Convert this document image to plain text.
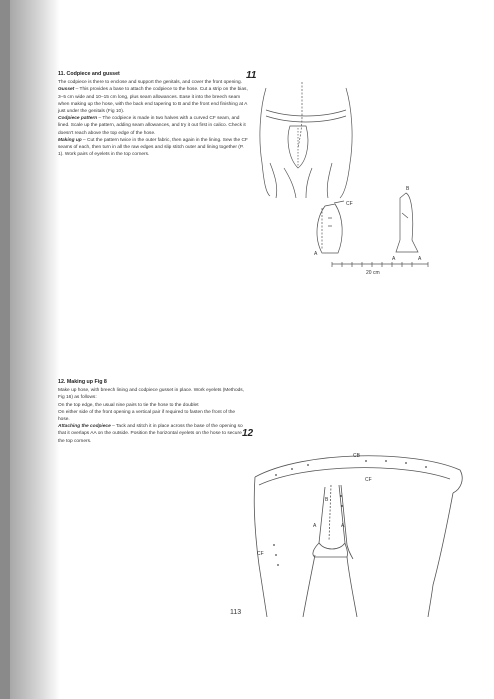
11. Codpiece and gusset

The codpiece is there to enclose and support the genitals, and cover the front opening.

Gusset – This provides a base to attach the codpiece to the hose. Cut a strip on the bias, 3–5 cm wide and 10–15 cm long, plus seam allowances. Ease it into the breech seam when making up the hose, with the back end tapering to B and the front end finishing at A just under the genitals (Fig 10).

Codpiece pattern – The codpiece is made in two halves with a curved CF seam, and lined. Scale up the pattern, adding seam allowances, and try it out first in calico. Check it doesn't reach above the top edge of the hose.

Making up – Cut the pattern twice in the outer fabric, then again in the lining. Sew the CF seams of each, then turn in all the raw edges and slip stitch outer and lining together (P. 1). Work pairs of eyelets in the top corners.

12. Making up Fig 8

Make up hose, with breech lining and codpiece gusset in place. Work eyelets (Methods, Fig 16) as follows:

On the top edge, the usual nine pairs to tie the hose to the doublet

On either side of the front opening a vertical pair if required to fasten the front of the hose.

Attaching the codpiece – Tack and stitch it in place across the base of the opening so that it overlaps AA on the outside. Position the horizontal eyelets on the hose to secure the top corners.

11
CF
A
B
A	A
20 cm
12
CB
CF
B
A	A
CF
113
